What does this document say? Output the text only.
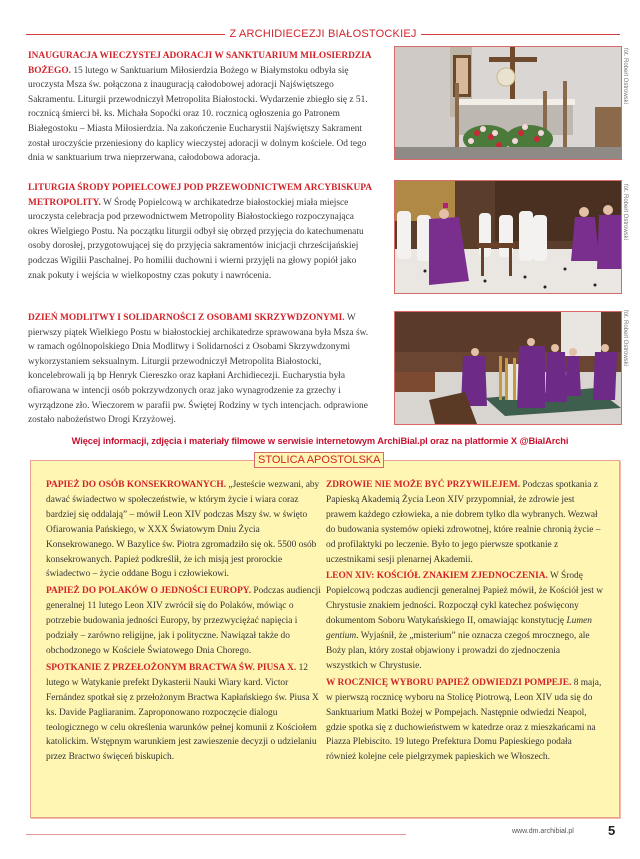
Z ARCHIDIECEZJI BIAŁOSTOCKIEJ
INAUGURACJA WIECZYSTEJ ADORACJI W SANKTUARIUM MIŁOSIERDZIA BOŻEGO. 15 lutego w Sanktuarium Miłosierdzia Bożego w Białymstoku odbyła się uroczysta Msza św. połączona z inauguracją całodobowej adoracji Najświętszego Sakramentu. Liturgii przewodniczył Metropolita Białostocki. Wydarzenie zbiegło się z 51. rocznicą śmierci bł. ks. Michała Sopoćki oraz 10. rocznicą ogłoszenia go Patronem Białegostoku – Miasta Miłosierdzia. Na zakończenie Eucharystii Najświętszy Sakrament został uroczyście przeniesiony do kaplicy wieczystej adoracji w dolnym kościele. Od tego dnia w sanktuarium trwa nieprzerwana, całodobowa adoracja.
fot. Robert Ostrowski
LITURGIA ŚRODY POPIELCOWEJ POD PRZEWODNICTWEM ARCYBISKUPA METROPOLITY. W Środę Popielcową w archikatedrze białostockiej miała miejsce uroczysta celebracja pod przewodnictwem Metropolity Białostockiego rozpoczynająca okres Wielgiego Postu. Na początku liturgii odbył się obrzęd przyjęcia do katechumenatu osoby dorosłej, przygotowującej się do przyjęcia sakramentów inicjacji chrześcijańskiej podczas Wigilii Paschalnej. Po homilii duchowni i wierni przyjęli na głowy popiół jako znak pokuty i wejścia w wielkopostny czas pokuty i nawrócenia.
fot. Robert Ostrowski
DZIEŃ MODLITWY I SOLIDARNOŚCI Z OSOBAMI SKRZYWDZONYMI. W pierwszy piątek Wielkiego Postu w białostockiej archikatedrze sprawowana była Msza św. w ramach ogólnopolskiego Dnia Modlitwy i Solidarności z Osobami Skrzywdzonymi wykorzystaniem seksualnym. Liturgii przewodniczył Metropolita Białostocki, koncelebrowali ją bp Henryk Ciereszko oraz kapłani Archidiecezji. Eucharystia była ofiarowana w intencji osób pokrzywdzonych oraz jako wynagrodzenie za grzechy i wyrządzone zło. Wieczorem w parafii pw. Świętej Rodziny w tych intencjach. odprawione zostało nabożeństwo Drogi Krzyżowej.
fot. Robert Ostrowski
Więcej informacji, zdjęcia i materiały filmowe w serwisie internetowym ArchiBial.pl oraz na platformie X @BialArchi
STOLICA APOSTOLSKA

PAPIEŻ DO OSÓB KONSEKROWANYCH. „Jesteście wezwani, aby dawać świadectwo w społeczeństwie, w którym życie i wiara coraz bardziej się oddalają” – mówił Leon XIV podczas Mszy św. w święto Ofiarowania Pańskiego, w XXX Światowym Dniu Życia Konsekrowanego. W Bazylice św. Piotra zgromadziło się ok. 5500 osób konsekrowanych. Papież podkreślił, że ich misją jest prorockie świadectwo – życie oddane Bogu i człowiekowi.

PAPIEŻ DO POLAKÓW O JEDNOŚCI EUROPY. Podczas audiencji generalnej 11 lutego Leon XIV zwrócił się do Polaków, mówiąc o potrzebie budowania jedności Europy, by przezwyciężać napięcia i podziały – zarówno religijne, jak i polityczne. Nawiązał także do obchodzonego w Kościele Światowego Dnia Chorego.

SPOTKANIE Z PRZEŁOŻONYM BRACTWA ŚW. PIUSA X. 12 lutego w Watykanie prefekt Dykasterii Nauki Wiary kard. Victor Fernández spotkał się z przełożonym Bractwa Kapłańskiego św. Piusa X ks. Davide Pagliaranim. Zaproponowano rozpoczęcie dialogu teologicznego w celu określenia warunków pełnej komunii z Kościołem katolickim. Wstępnym warunkiem jest zawieszenie decyzji o udzielaniu przez Bractwo święceń biskupich.

ZDROWIE NIE MOŻE BYĆ PRZYWILEJEM. Podczas spotkania z Papieską Akademią Życia Leon XIV przypomniał, że zdrowie jest prawem każdego człowieka, a nie dobrem tylko dla wybranych. Wezwał do budowania systemów opieki zdrowotnej, które realnie chronią życie – od profilaktyki po leczenie. Było to jego pierwsze spotkanie z uczestnikami sesji plenarnej Akademii.

LEON XIV: KOŚCIÓŁ ZNAKIEM ZJEDNOCZENIA. W Środę Popielcową podczas audiencji generalnej Papież mówił, że Kościół jest w Chrystusie znakiem jedności. Rozpoczął cykl katechez poświęcony dokumentom Soboru Watykańskiego II, omawiając konstytucję Lumen gentium. Wyjaśnił, że „misterium” nie oznacza czegoś mrocznego, ale Boży plan, który został objawiony i prowadzi do zjednoczenia wszystkich w Chrystusie.

W ROCZNICĘ WYBORU PAPIEŻ ODWIEDZI POMPEJE. 8 maja, w pierwszą rocznicę wyboru na Stolicę Piotrową, Leon XIV uda się do Sanktuarium Matki Bożej w Pompejach. Następnie odwiedzi Neapol, gdzie spotka się z duchowieństwem w katedrze oraz z mieszkańcami na Piazza Plebiscito. 19 lutego Prefektura Domu Papieskiego podała również kolejne cele pielgrzymek papieskich we Włoszech.

www.dm.archibial.pl	5
